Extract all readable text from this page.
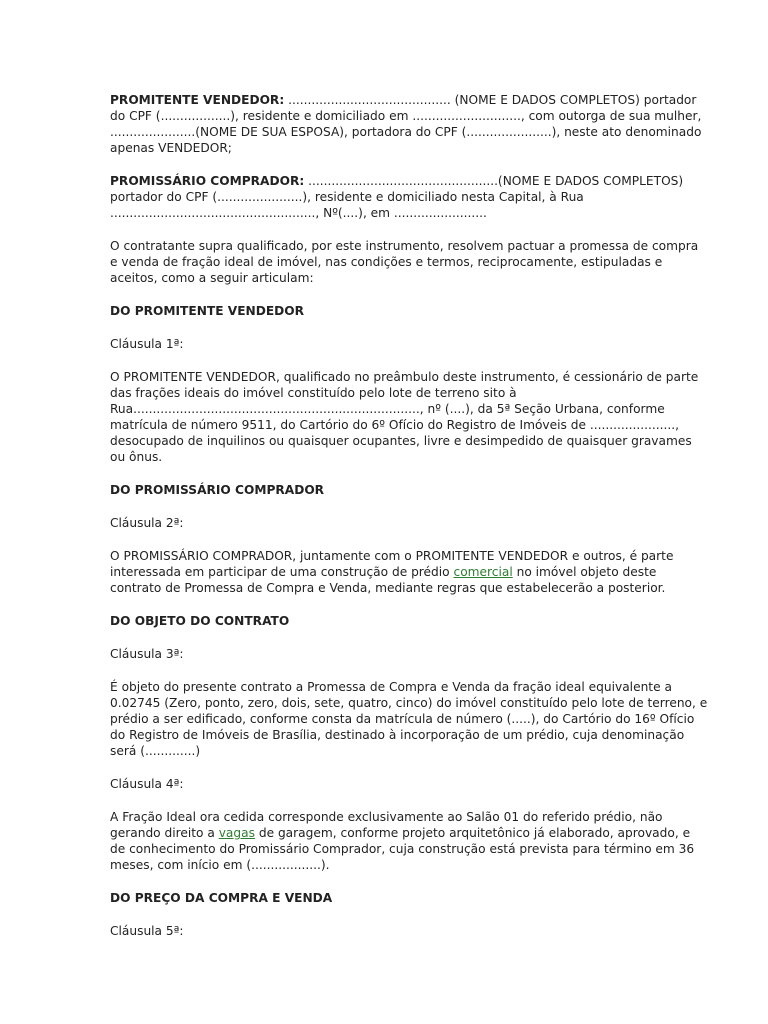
PROMITENTE VENDEDOR: .......................................... (NOME E DADOS COMPLETOS) portador do CPF (..................), residente e domiciliado em ............................, com outorga de sua mulher, ......................(NOME DE SUA ESPOSA), portadora do CPF (......................), neste ato denominado apenas VENDEDOR;

PROMISSÁRIO COMPRADOR: .................................................(NOME E DADOS COMPLETOS) portador do CPF (......................), residente e domiciliado nesta Capital, à Rua ....................................................., Nº(....), em ........................

O contratante supra qualificado, por este instrumento, resolvem pactuar a promessa de compra e venda de fração ideal de imóvel, nas condições e termos, reciprocamente, estipuladas e aceitos, como a seguir articulam:

DO PROMITENTE VENDEDOR

Cláusula 1ª:

O PROMITENTE VENDEDOR, qualificado no preâmbulo deste instrumento, é cessionário de parte das frações ideais do imóvel constituído pelo lote de terreno sito à Rua.........................................................................., nº (....), da 5ª Seção Urbana, conforme matrícula de número 9511, do Cartório do 6º Ofício do Registro de Imóveis de ......................, desocupado de inquilinos ou quaisquer ocupantes, livre e desimpedido de quaisquer gravames ou ônus.

DO PROMISSÁRIO COMPRADOR

Cláusula 2ª:

O PROMISSÁRIO COMPRADOR, juntamente com o PROMITENTE VENDEDOR e outros, é parte interessada em participar de uma construção de prédio comercial no imóvel objeto deste contrato de Promessa de Compra e Venda, mediante regras que estabelecerão a posterior.

DO OBJETO DO CONTRATO

Cláusula 3ª:

É objeto do presente contrato a Promessa de Compra e Venda da fração ideal equivalente a 0.02745 (Zero, ponto, zero, dois, sete, quatro, cinco) do imóvel constituído pelo lote de terreno, e prédio a ser edificado, conforme consta da matrícula de número (.....), do Cartório do 16º Ofício do Registro de Imóveis de Brasília, destinado à incorporação de um prédio, cuja denominação será (.............)

Cláusula 4ª:

A Fração Ideal ora cedida corresponde exclusivamente ao Salão 01 do referido prédio, não gerando direito a vagas de garagem, conforme projeto arquitetônico já elaborado, aprovado, e de conhecimento do Promissário Comprador, cuja construção está prevista para término em 36 meses, com início em (..................).

DO PREÇO DA COMPRA E VENDA

Cláusula 5ª:
